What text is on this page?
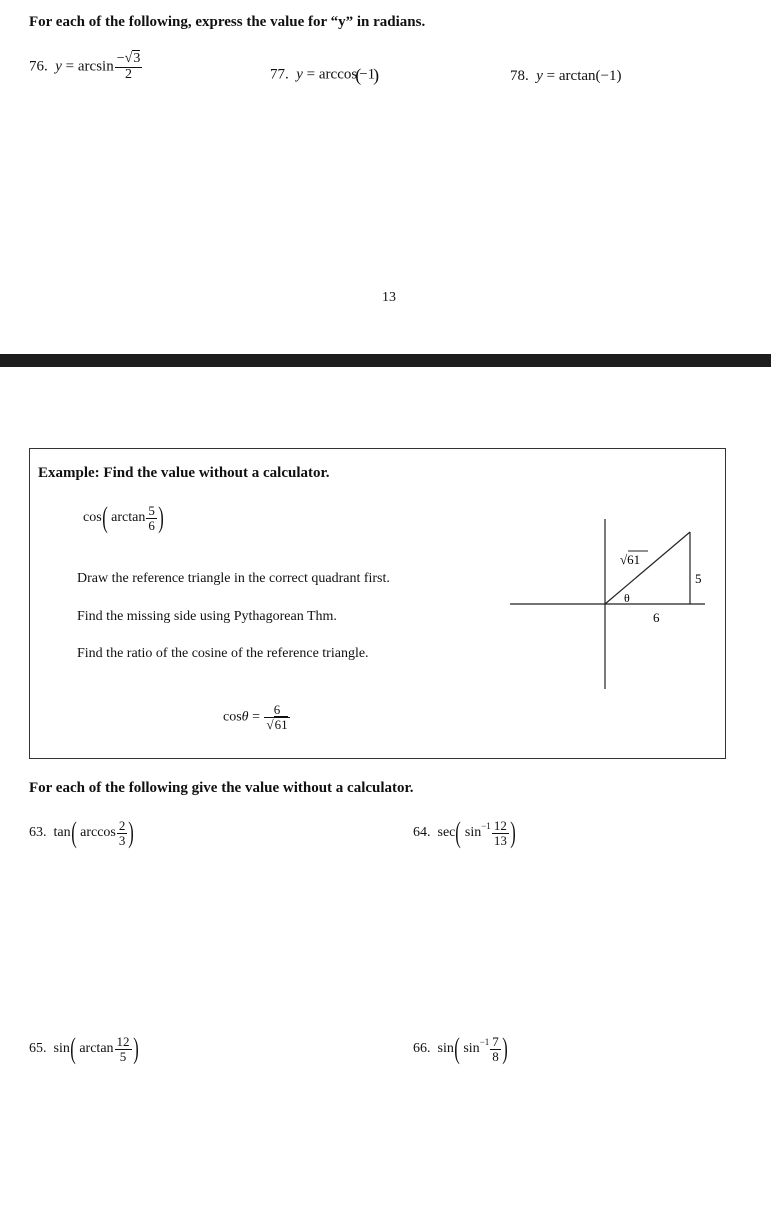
For each of the following, express the value for “y” in radians.
76. $y = \arcsin \frac{-√3}{2}$	77. y = arccos(−1)	78. y = arctan(−1)
13
Example: Find the value without a calculator.
cos( $\arctan \frac{5}{6}$ )
Draw the reference triangle in the correct quadrant first.
Find the missing side using Pythagorean Thm.
Find the ratio of the cosine of the reference triangle.
$\cos\theta = \frac{6}{√61}$
√61
5
6
θ
For each of the following give the value without a calculator.
63. tan( $\arccos \frac{2}{3}$ )	64. sec( $\sin^{-1} \frac{12}{13}$ )
65. sin( $\arctan \frac{12}{5}$ )	66. sin( $\sin^{-1} \frac{7}{8}$ )
